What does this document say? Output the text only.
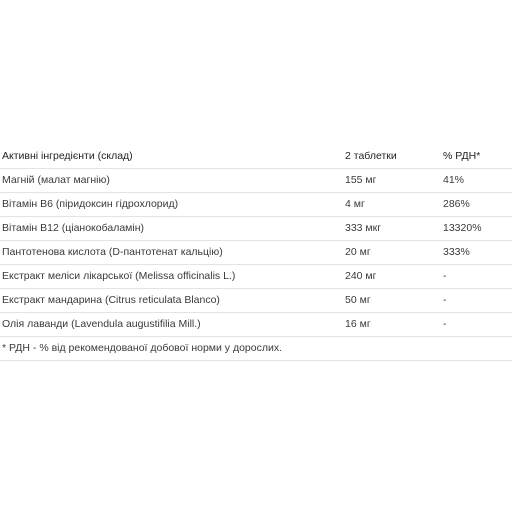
Активні інгредієнти (склад)	2 таблетки	% РДН*
Магній (малат магнію)	155 мг	41%
Вітамін B6 (піридоксин гідрохлорид)	4 мг	286%
Вітамін B12 (ціанокобаламін)	333 мкг	13320%
Пантотенова кислота (D-пантотенат кальцію)	20 мг	333%
Екстракт меліси лікарської (Melissa officinalis L.)	240 мг	-
Екстракт мандарина (Citrus reticulata Blanco)	50 мг	-
Олія лаванди (Lavendula augustifilia Mill.)	16 мг	-
* РДН - % від рекомендованої добової норми у дорослих.
